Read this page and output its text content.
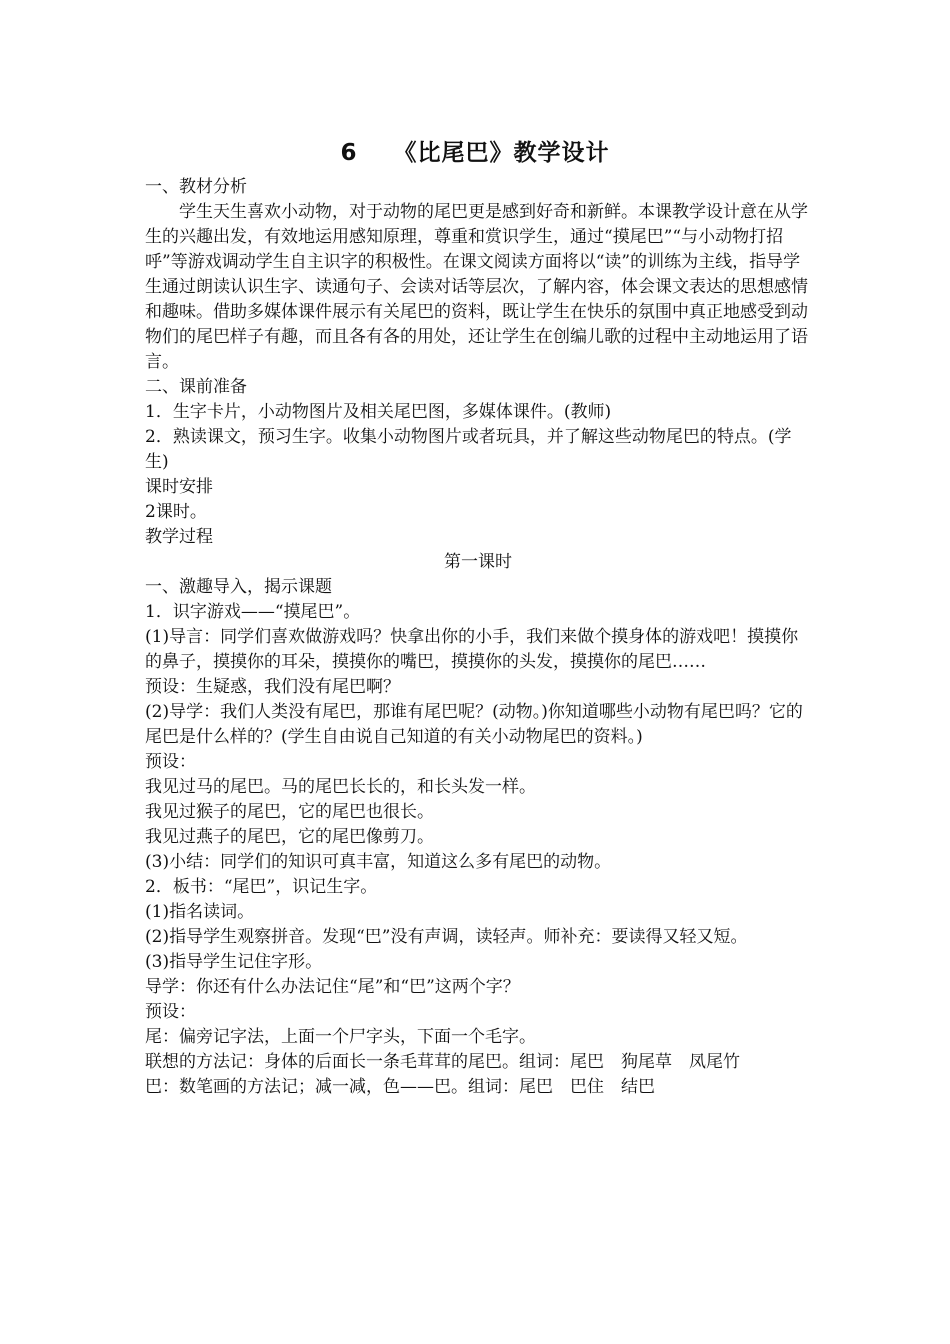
6 《比尾巴》教学设计

一、教材分析

学生天生喜欢小动物，对于动物的尾巴更是感到好奇和新鲜。本课教学设计意在从学生的兴趣出发，有效地运用感知原理，尊重和赏识学生，通过“摸尾巴”“与小动物打招呼”等游戏调动学生自主识字的积极性。在课文阅读方面将以“读”的训练为主线，指导学生通过朗读认识生字、读通句子、会读对话等层次，了解内容，体会课文表达的思想感情和趣味。借助多媒体课件展示有关尾巴的资料，既让学生在快乐的氛围中真正地感受到动物们的尾巴样子有趣，而且各有各的用处，还让学生在创编儿歌的过程中主动地运用了语言。

二、课前准备

1．生字卡片，小动物图片及相关尾巴图，多媒体课件。(教师)

2．熟读课文，预习生字。收集小动物图片或者玩具，并了解这些动物尾巴的特点。(学生)

课时安排

2课时。

教学过程

第一课时

一、激趣导入，揭示课题

1．识字游戏——“摸尾巴”。

(1)导言：同学们喜欢做游戏吗？快拿出你的小手，我们来做个摸身体的游戏吧！摸摸你的鼻子，摸摸你的耳朵，摸摸你的嘴巴，摸摸你的头发，摸摸你的尾巴……

预设：生疑惑，我们没有尾巴啊？

(2)导学：我们人类没有尾巴，那谁有尾巴呢？(动物。)你知道哪些小动物有尾巴吗？它的尾巴是什么样的？(学生自由说自己知道的有关小动物尾巴的资料。)

预设：

我见过马的尾巴。马的尾巴长长的，和长头发一样。

我见过猴子的尾巴，它的尾巴也很长。

我见过燕子的尾巴，它的尾巴像剪刀。

(3)小结：同学们的知识可真丰富，知道这么多有尾巴的动物。

2．板书：“尾巴”，识记生字。

(1)指名读词。

(2)指导学生观察拼音。发现“巴”没有声调，读轻声。师补充：要读得又轻又短。

(3)指导学生记住字形。

导学：你还有什么办法记住“尾”和“巴”这两个字？

预设：

尾：偏旁记字法，上面一个尸字头，下面一个毛字。

联想的方法记：身体的后面长一条毛茸茸的尾巴。组词：尾巴　狗尾草　凤尾竹

巴：数笔画的方法记；减一减，色——巴。组词：尾巴　巴住　结巴
